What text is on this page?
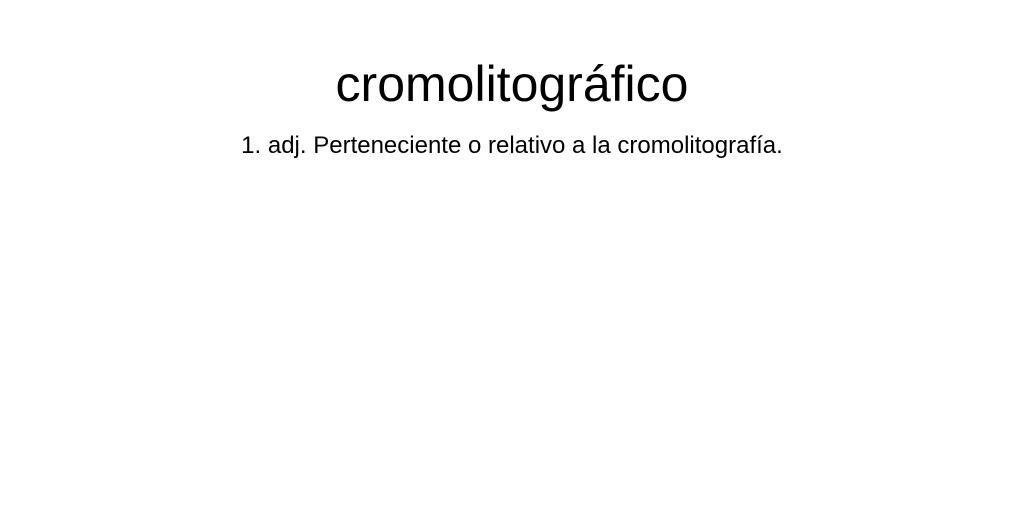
cromolitográfico

1. adj. Perteneciente o relativo a la cromolitografía.
